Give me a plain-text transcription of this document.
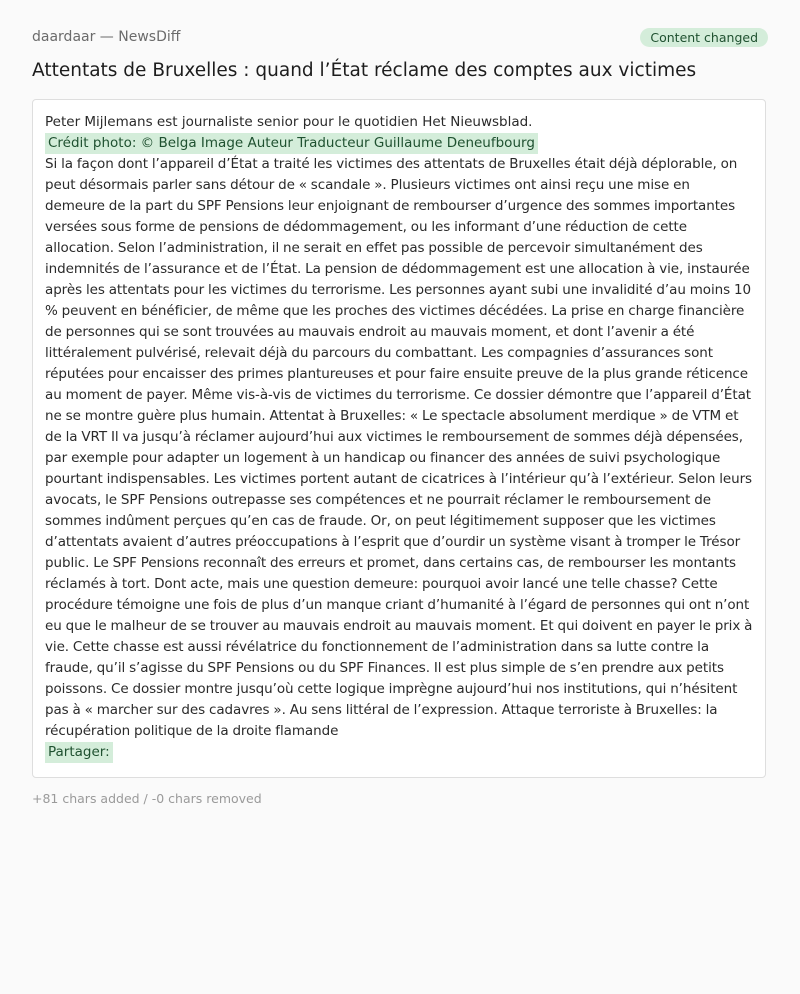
daardaar — NewsDiff	Content changed
Attentats de Bruxelles : quand l’État réclame des comptes aux victimes
Peter Mijlemans est journaliste senior pour le quotidien Het Nieuwsblad.
Crédit photo: © Belga Image Auteur Traducteur Guillaume Deneufbourg
Si la façon dont l’appareil d’État a traité les victimes des attentats de Bruxelles était déjà déplorable, on peut désormais parler sans détour de « scandale ». Plusieurs victimes ont ainsi reçu une mise en demeure de la part du SPF Pensions leur enjoignant de rembourser d’urgence des sommes importantes versées sous forme de pensions de dédommagement, ou les informant d’une réduction de cette allocation. Selon l’administration, il ne serait en effet pas possible de percevoir simultanément des indemnités de l’assurance et de l’État. La pension de dédommagement est une allocation à vie, instaurée après les attentats pour les victimes du terrorisme. Les personnes ayant subi une invalidité d’au moins 10 % peuvent en bénéficier, de même que les proches des victimes décédées. La prise en charge financière de personnes qui se sont trouvées au mauvais endroit au mauvais moment, et dont l’avenir a été littéralement pulvérisé, relevait déjà du parcours du combattant. Les compagnies d’assurances sont réputées pour encaisser des primes plantureuses et pour faire ensuite preuve de la plus grande réticence au moment de payer. Même vis-à-vis de victimes du terrorisme. Ce dossier démontre que l’appareil d’État ne se montre guère plus humain. Attentat à Bruxelles: « Le spectacle absolument merdique » de VTM et de la VRT Il va jusqu’à réclamer aujourd’hui aux victimes le remboursement de sommes déjà dépensées, par exemple pour adapter un logement à un handicap ou financer des années de suivi psychologique pourtant indispensables. Les victimes portent autant de cicatrices à l’intérieur qu’à l’extérieur. Selon leurs avocats, le SPF Pensions outrepasse ses compétences et ne pourrait réclamer le remboursement de sommes indûment perçues qu’en cas de fraude. Or, on peut légitimement supposer que les victimes d’attentats avaient d’autres préoccupations à l’esprit que d’ourdir un système visant à tromper le Trésor public. Le SPF Pensions reconnaît des erreurs et promet, dans certains cas, de rembourser les montants réclamés à tort. Dont acte, mais une question demeure: pourquoi avoir lancé une telle chasse? Cette procédure témoigne une fois de plus d’un manque criant d’humanité à l’égard de personnes qui ont n’ont eu que le malheur de se trouver au mauvais endroit au mauvais moment. Et qui doivent en payer le prix à vie. Cette chasse est aussi révélatrice du fonctionnement de l’administration dans sa lutte contre la fraude, qu’il s’agisse du SPF Pensions ou du SPF Finances. Il est plus simple de s’en prendre aux petits poissons. Ce dossier montre jusqu’où cette logique imprègne aujourd’hui nos institutions, qui n’hésitent pas à « marcher sur des cadavres ». Au sens littéral de l’expression. Attaque terroriste à Bruxelles: la récupération politique de la droite flamande
Partager:
+81 chars added / -0 chars removed
